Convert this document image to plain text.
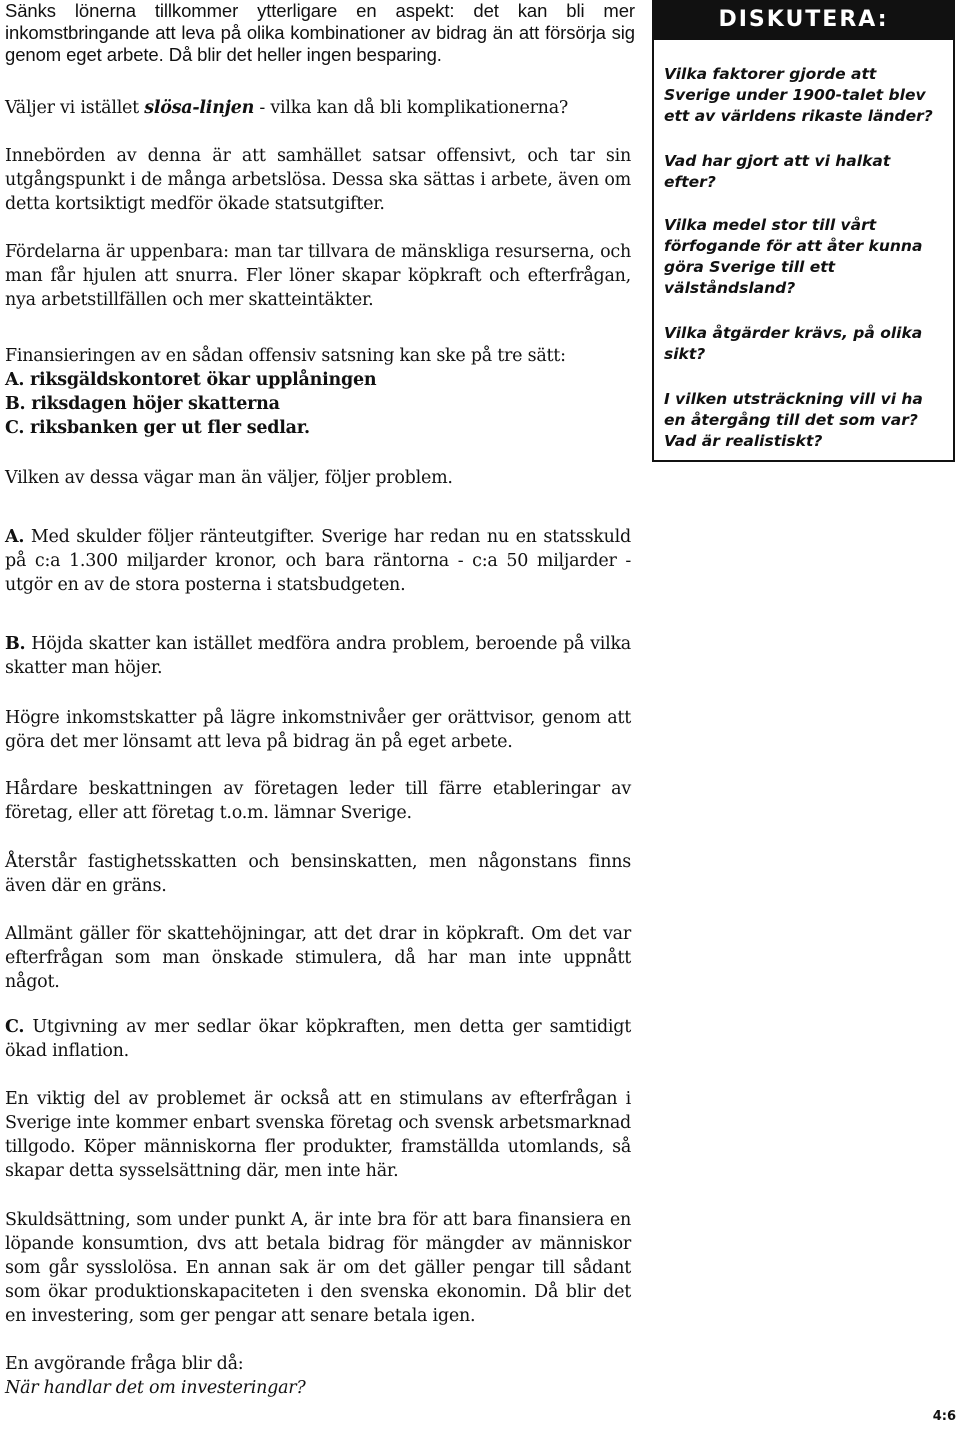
Sänks lönerna tillkommer ytterligare en aspekt: det kan bli mer inkomstbringande att leva på olika kombinationer av bidrag än att försörja sig genom eget arbete. Då blir det heller ingen besparing.

Väljer vi istället slösa-linjen - vilka kan då bli komplikationerna?

Innebörden av denna är att samhället satsar offensivt, och tar sin utgångspunkt i de många arbetslösa. Dessa ska sättas i arbete, även om detta kortsiktigt medför ökade statsutgifter.

Fördelarna är uppenbara: man tar tillvara de mänskliga resurserna, och man får hjulen att snurra. Fler löner skapar köpkraft och efterfrågan, nya arbetstillfällen och mer skatteintäkter.

Finansieringen av en sådan offensiv satsning kan ske på tre sätt:
A. riksgäldskontoret ökar upplåningen
B. riksdagen höjer skatterna
C. riksbanken ger ut fler sedlar.

Vilken av dessa vägar man än väljer, följer problem.

A. Med skulder följer ränteutgifter. Sverige har redan nu en statsskuld på c:a 1.300 miljarder kronor, och bara räntorna - c:a 50 miljarder - utgör en av de stora posterna i statsbudgeten.

B. Höjda skatter kan istället medföra andra problem, beroende på vilka skatter man höjer.

Högre inkomstskatter på lägre inkomstnivåer ger orättvisor, genom att göra det mer lönsamt att leva på bidrag än på eget arbete.

Hårdare beskattningen av företagen leder till färre etableringar av företag, eller att företag t.o.m. lämnar Sverige.

Återstår fastighetsskatten och bensinskatten, men någonstans finns även där en gräns.

Allmänt gäller för skattehöjningar, att det drar in köpkraft. Om det var efterfrågan som man önskade stimulera, då har man inte uppnått något.

C. Utgivning av mer sedlar ökar köpkraften, men detta ger samtidigt ökad inflation.

En viktig del av problemet är också att en stimulans av efterfrågan i Sverige inte kommer enbart svenska företag och svensk arbetsmarknad tillgodo. Köper människorna fler produkter, framställda utomlands, så skapar detta sysselsättning där, men inte här.

Skuldsättning, som under punkt A, är inte bra för att bara finansiera en löpande konsumtion, dvs att betala bidrag för mängder av människor som går sysslolösa. En annan sak är om det gäller pengar till sådant som ökar produktionskapaciteten i den svenska ekonomin. Då blir det en investering, som ger pengar att senare betala igen.

En avgörande fråga blir då:
När handlar det om investeringar?
DISKUTERA:

Vilka faktorer gjorde att Sverige under 1900-talet blev ett av världens rikaste länder?

Vad har gjort att vi halkat efter?

Vilka medel stor till vårt förfogande för att åter kunna göra Sverige till ett välståndsland?

Vilka åtgärder krävs, på olika sikt?

I vilken utsträckning vill vi ha en återgång till det som var? Vad är realistiskt?

4:6
